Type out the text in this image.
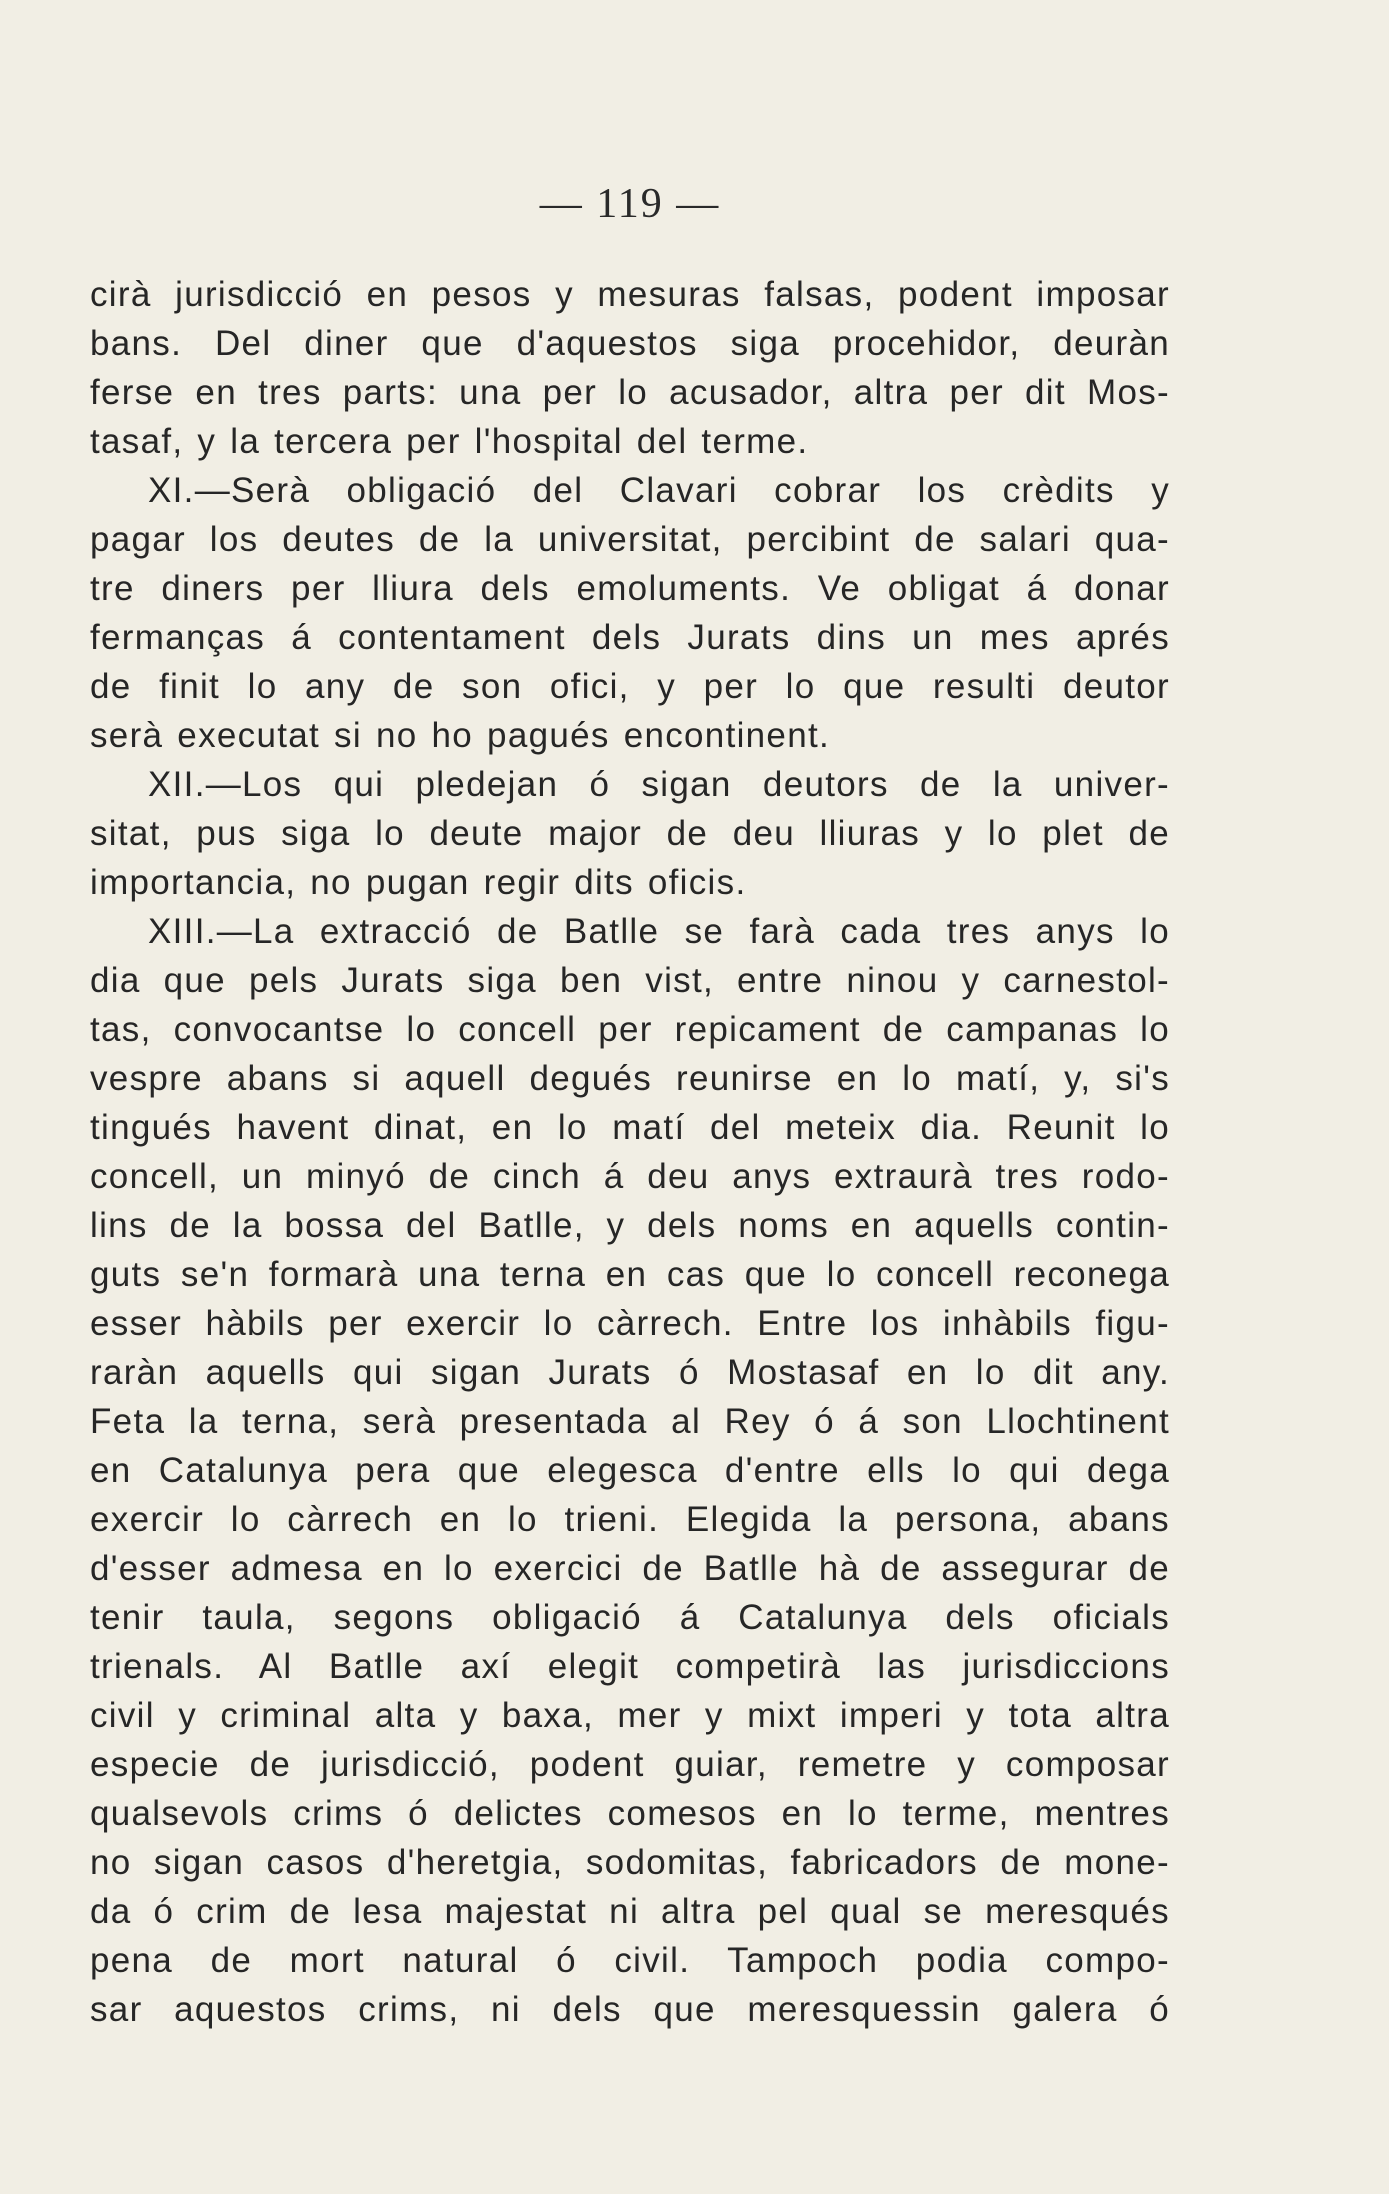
— 119 —
cirà jurisdicció en pesos y mesuras falsas, podent imposar
bans. Del diner que d'aquestos siga procehidor, deuràn
ferse en tres parts: una per lo acusador, altra per dit Mos-
tasaf, y la tercera per l'hospital del terme.
XI.—Serà obligació del Clavari cobrar los crèdits y
pagar los deutes de la universitat, percibint de salari qua-
tre diners per lliura dels emoluments. Ve obligat á donar
fermanças á contentament dels Jurats dins un mes aprés
de finit lo any de son ofici, y per lo que resulti deutor
serà executat si no ho pagués encontinent.
XII.—Los qui pledejan ó sigan deutors de la univer-
sitat, pus siga lo deute major de deu lliuras y lo plet de
importancia, no pugan regir dits oficis.
XIII.—La extracció de Batlle se farà cada tres anys lo
dia que pels Jurats siga ben vist, entre ninou y carnestol-
tas, convocantse lo concell per repicament de campanas lo
vespre abans si aquell degués reunirse en lo matí, y, si's
tingués havent dinat, en lo matí del meteix dia. Reunit lo
concell, un minyó de cinch á deu anys extraurà tres rodo-
lins de la bossa del Batlle, y dels noms en aquells contin-
guts se'n formarà una terna en cas que lo concell reconega
esser hàbils per exercir lo càrrech. Entre los inhàbils figu-
raràn aquells qui sigan Jurats ó Mostasaf en lo dit any.
Feta la terna, serà presentada al Rey ó á son Llochtinent
en Catalunya pera que elegesca d'entre ells lo qui dega
exercir lo càrrech en lo trieni. Elegida la persona, abans
d'esser admesa en lo exercici de Batlle hà de assegurar de
tenir taula, segons obligació á Catalunya dels oficials
trienals. Al Batlle axí elegit competirà las jurisdiccions
civil y criminal alta y baxa, mer y mixt imperi y tota altra
especie de jurisdicció, podent guiar, remetre y composar
qualsevols crims ó delictes comesos en lo terme, mentres
no sigan casos d'heretgia, sodomitas, fabricadors de mone-
da ó crim de lesa majestat ni altra pel qual se meresqués
pena de mort natural ó civil. Tampoch podia compo-
sar aquestos crims, ni dels que meresquessin galera ó
